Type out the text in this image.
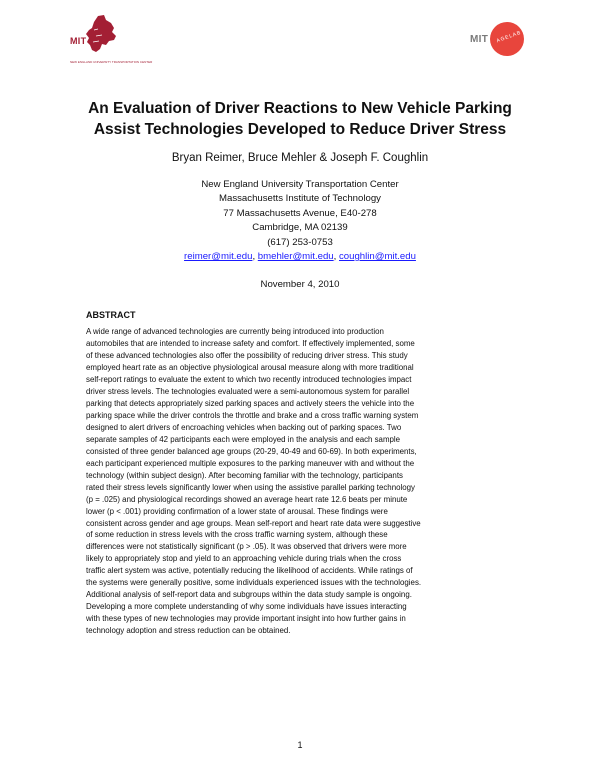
MIT
NEW ENGLAND UNIVERSITY TRANSPORTATION CENTER
MIT AGELAB
An Evaluation of Driver Reactions to New Vehicle Parking
Assist Technologies Developed to Reduce Driver Stress
Bryan Reimer, Bruce Mehler & Joseph F. Coughlin
New England University Transportation Center
Massachusetts Institute of Technology
77 Massachusetts Avenue, E40-278
Cambridge, MA 02139
(617) 253-0753
reimer@mit.edu, bmehler@mit.edu, coughlin@mit.edu
November 4, 2010
ABSTRACT
A wide range of advanced technologies are currently being introduced into production
automobiles that are intended to increase safety and comfort. If effectively implemented, some
of these advanced technologies also offer the possibility of reducing driver stress. This study
employed heart rate as an objective physiological arousal measure along with more traditional
self-report ratings to evaluate the extent to which two recently introduced technologies impact
driver stress levels. The technologies evaluated were a semi-autonomous system for parallel
parking that detects appropriately sized parking spaces and actively steers the vehicle into the
parking space while the driver controls the throttle and brake and a cross traffic warning system
designed to alert drivers of encroaching vehicles when backing out of parking spaces. Two
separate samples of 42 participants each were employed in the analysis and each sample
consisted of three gender balanced age groups (20-29, 40-49 and 60-69). In both experiments,
each participant experienced multiple exposures to the parking maneuver with and without the
technology (within subject design). After becoming familiar with the technology, participants
rated their stress levels significantly lower when using the assistive parallel parking technology
(p = .025) and physiological recordings showed an average heart rate 12.6 beats per minute
lower (p < .001) providing confirmation of a lower state of arousal. These findings were
consistent across gender and age groups. Mean self-report and heart rate data were suggestive
of some reduction in stress levels with the cross traffic warning system, although these
differences were not statistically significant (p > .05). It was observed that drivers were more
likely to appropriately stop and yield to an approaching vehicle during trials when the cross
traffic alert system was active, potentially reducing the likelihood of accidents. While ratings of
the systems were generally positive, some individuals experienced issues with the technologies.
Additional analysis of self-report data and subgroups within the data study sample is ongoing.
Developing a more complete understanding of why some individuals have issues interacting
with these types of new technologies may provide important insight into how further gains in
technology adoption and stress reduction can be obtained.
1
